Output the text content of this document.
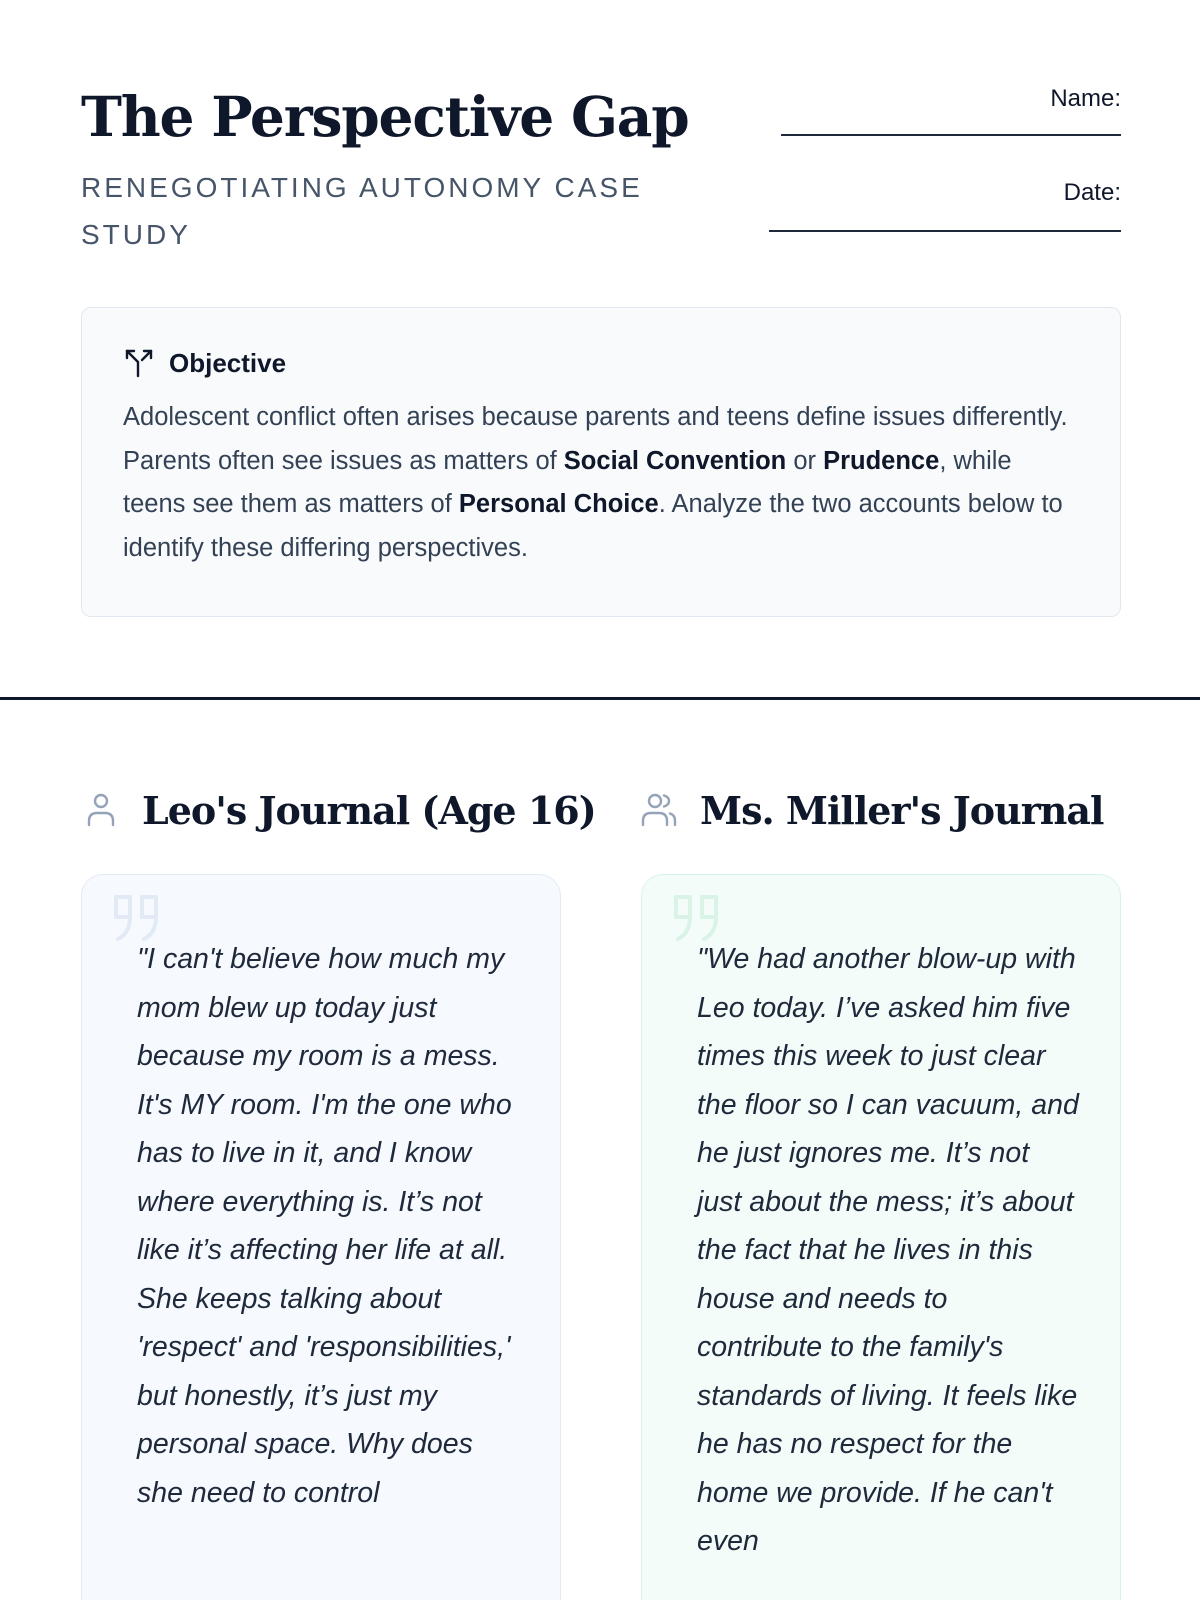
The Perspective Gap
RENEGOTIATING AUTONOMY CASE STUDY
Name:
Date:
Objective

Adolescent conflict often arises because parents and teens define issues differently. Parents often see issues as matters of Social Convention or Prudence, while teens see them as matters of Personal Choice. Analyze the two accounts below to identify these differing perspectives.

Leo's Journal (Age 16)

"I can't believe how much my mom blew up today just because my room is a mess. It's MY room. I'm the one who has to live in it, and I know where everything is. It’s not like it’s affecting her life at all. She keeps talking about 'respect' and 'responsibilities,' but honestly, it’s just my personal space. Why does she need to control

Ms. Miller's Journal

"We had another blow-up with Leo today. I’ve asked him five times this week to just clear the floor so I can vacuum, and he just ignores me. It’s not just about the mess; it’s about the fact that he lives in this house and needs to contribute to the family's standards of living. It feels like he has no respect for the home we provide. If he can't even
